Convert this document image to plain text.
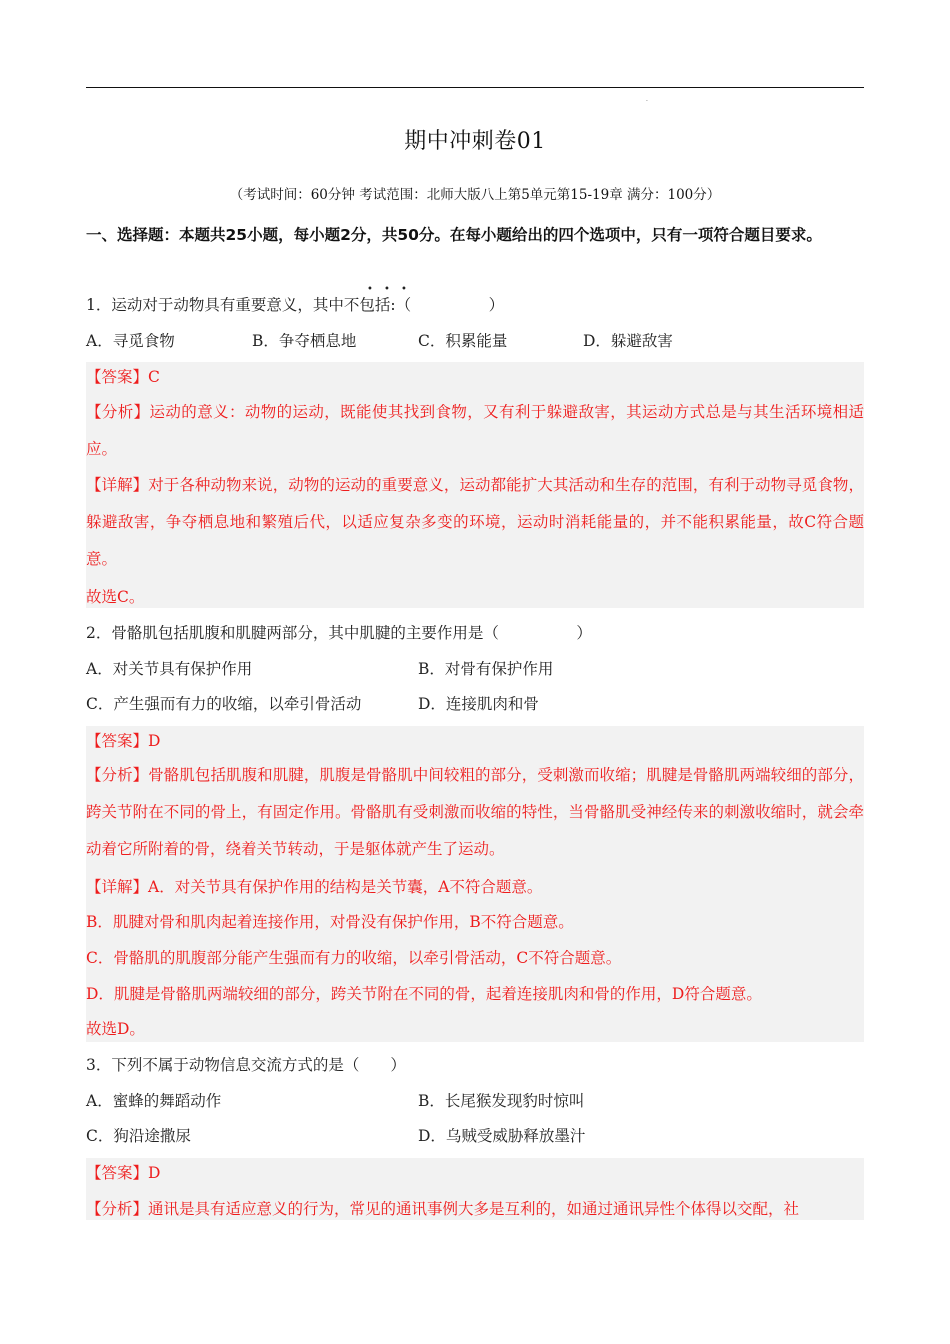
·
期中冲刺卷01
（考试时间：60分钟 考试范围：北师大版八上第5单元第15-19章 满分：100分）
一、选择题：本题共25小题，每小题2分，共50分。在每小题给出的四个选项中，只有一项符合题目要求。
• • •
1．运动对于动物具有重要意义，其中不包括:（　　　　　）
A．寻觅食物	B．争夺栖息地	C．积累能量	D．躲避敌害
【答案】C
【分析】运动的意义：动物的运动，既能使其找到食物，又有利于躲避敌害，其运动方式总是与其生活环境相适应。
【详解】对于各种动物来说，动物的运动的重要意义，运动都能扩大其活动和生存的范围，有利于动物寻觅食物，躲避敌害，争夺栖息地和繁殖后代，以适应复杂多变的环境，运动时消耗能量的，并不能积累能量，故C符合题意。
故选C。
2．骨骼肌包括肌腹和肌腱两部分，其中肌腱的主要作用是（　　　　　）
A．对关节具有保护作用	B．对骨有保护作用
C．产生强而有力的收缩，以牵引骨活动	D．连接肌肉和骨
【答案】D
【分析】骨骼肌包括肌腹和肌腱，肌腹是骨骼肌中间较粗的部分，受刺激而收缩；肌腱是骨骼肌两端较细的部分，跨关节附在不同的骨上，有固定作用。骨骼肌有受刺激而收缩的特性，当骨骼肌受神经传来的刺激收缩时，就会牵动着它所附着的骨，绕着关节转动，于是躯体就产生了运动。
【详解】A．对关节具有保护作用的结构是关节囊，A不符合题意。
B．肌腱对骨和肌肉起着连接作用，对骨没有保护作用，B不符合题意。
C．骨骼肌的肌腹部分能产生强而有力的收缩，以牵引骨活动，C不符合题意。
D．肌腱是骨骼肌两端较细的部分，跨关节附在不同的骨，起着连接肌肉和骨的作用，D符合题意。
故选D。
3．下列不属于动物信息交流方式的是（　　）
A．蜜蜂的舞蹈动作	B．长尾猴发现豹时惊叫
C．狗沿途撒尿	D．乌贼受威胁释放墨汁
【答案】D
【分析】通讯是具有适应意义的行为，常见的通讯事例大多是互利的，如通过通讯异性个体得以交配，社
